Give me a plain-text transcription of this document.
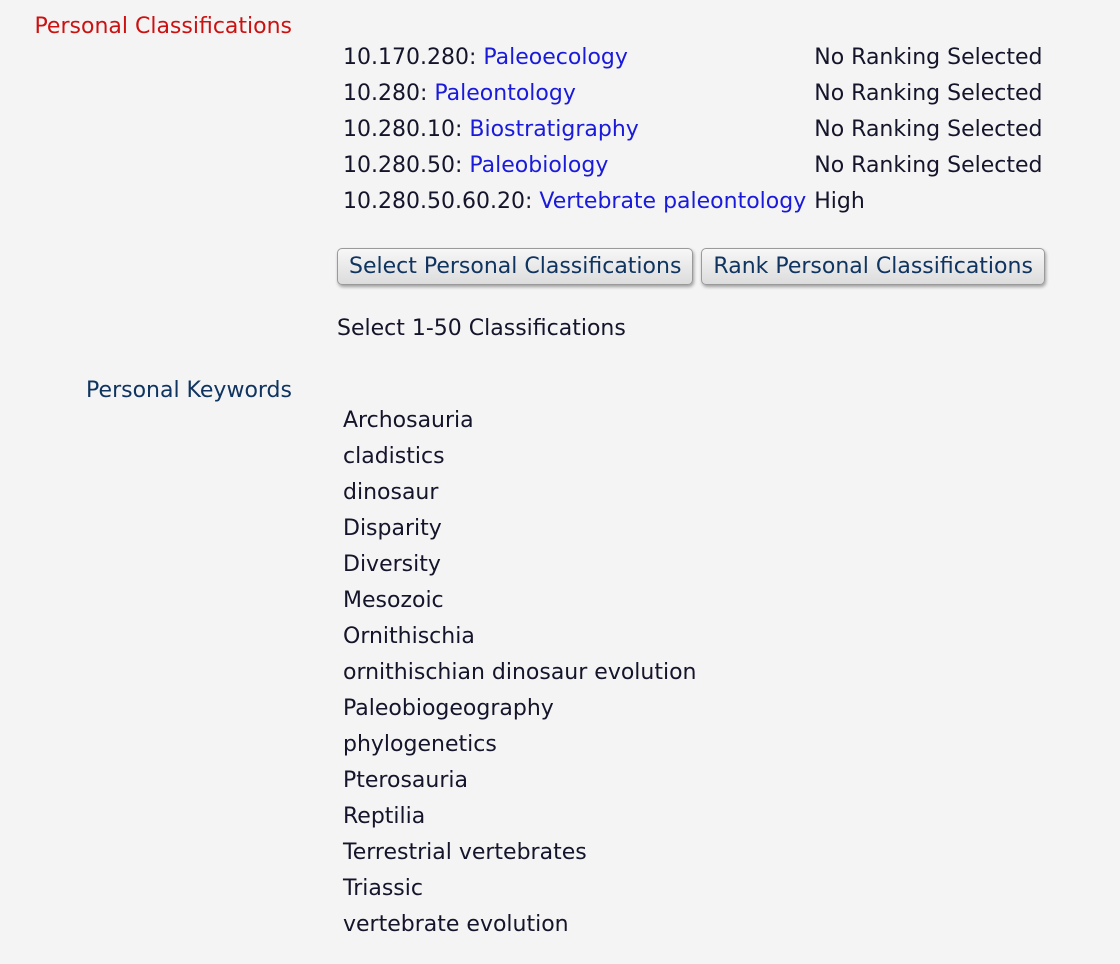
Personal Classifications
10.170.280: Paleoecology	No Ranking Selected
10.280: Paleontology	No Ranking Selected
10.280.10: Biostratigraphy	No Ranking Selected
10.280.50: Paleobiology	No Ranking Selected
10.280.50.60.20: Vertebrate paleontology	High
Select Personal Classifications	Rank Personal Classifications
Select 1-50 Classifications
Personal Keywords
Archosauria
cladistics
dinosaur
Disparity
Diversity
Mesozoic
Ornithischia
ornithischian dinosaur evolution
Paleobiogeography
phylogenetics
Pterosauria
Reptilia
Terrestrial vertebrates
Triassic
vertebrate evolution
